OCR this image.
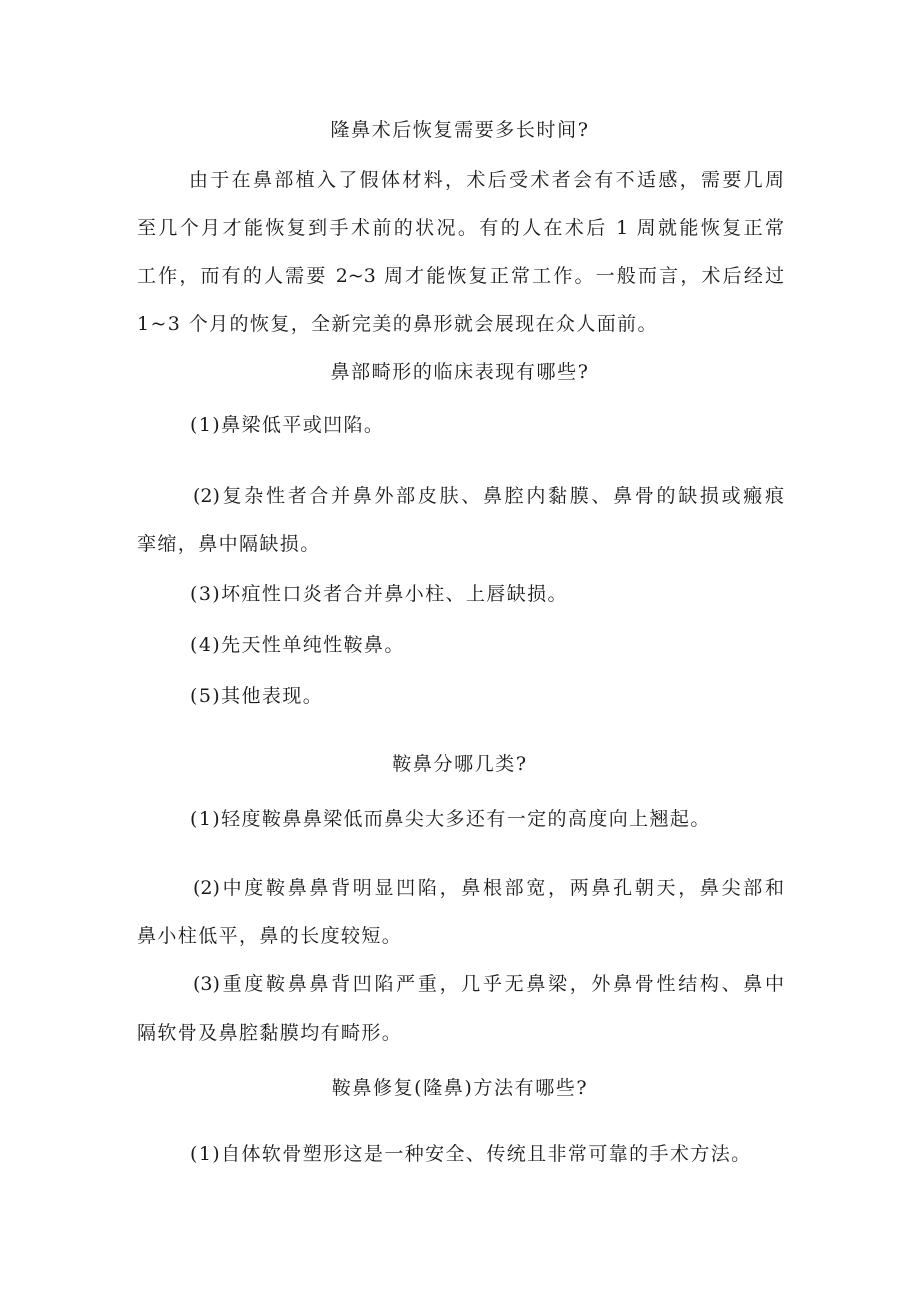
隆鼻术后恢复需要多长时间?
由于在鼻部植入了假体材料，术后受术者会有不适感，需要几周
至几个月才能恢复到手术前的状况。有的人在术后 1 周就能恢复正常
工作，而有的人需要 2~3 周才能恢复正常工作。一般而言，术后经过
1~3 个月的恢复，全新完美的鼻形就会展现在众人面前。
鼻部畸形的临床表现有哪些?
(1)鼻梁低平或凹陷。
(2)复杂性者合并鼻外部皮肤、鼻腔内黏膜、鼻骨的缺损或瘢痕
挛缩，鼻中隔缺损。
(3)坏疽性口炎者合并鼻小柱、上唇缺损。
(4)先天性单纯性鞍鼻。
(5)其他表现。
鞍鼻分哪几类?
(1)轻度鞍鼻鼻梁低而鼻尖大多还有一定的高度向上翘起。
(2)中度鞍鼻鼻背明显凹陷，鼻根部宽，两鼻孔朝天，鼻尖部和
鼻小柱低平，鼻的长度较短。
(3)重度鞍鼻鼻背凹陷严重，几乎无鼻梁，外鼻骨性结构、鼻中
隔软骨及鼻腔黏膜均有畸形。
鞍鼻修复(隆鼻)方法有哪些?
(1)自体软骨塑形这是一种安全、传统且非常可靠的手术方法。
